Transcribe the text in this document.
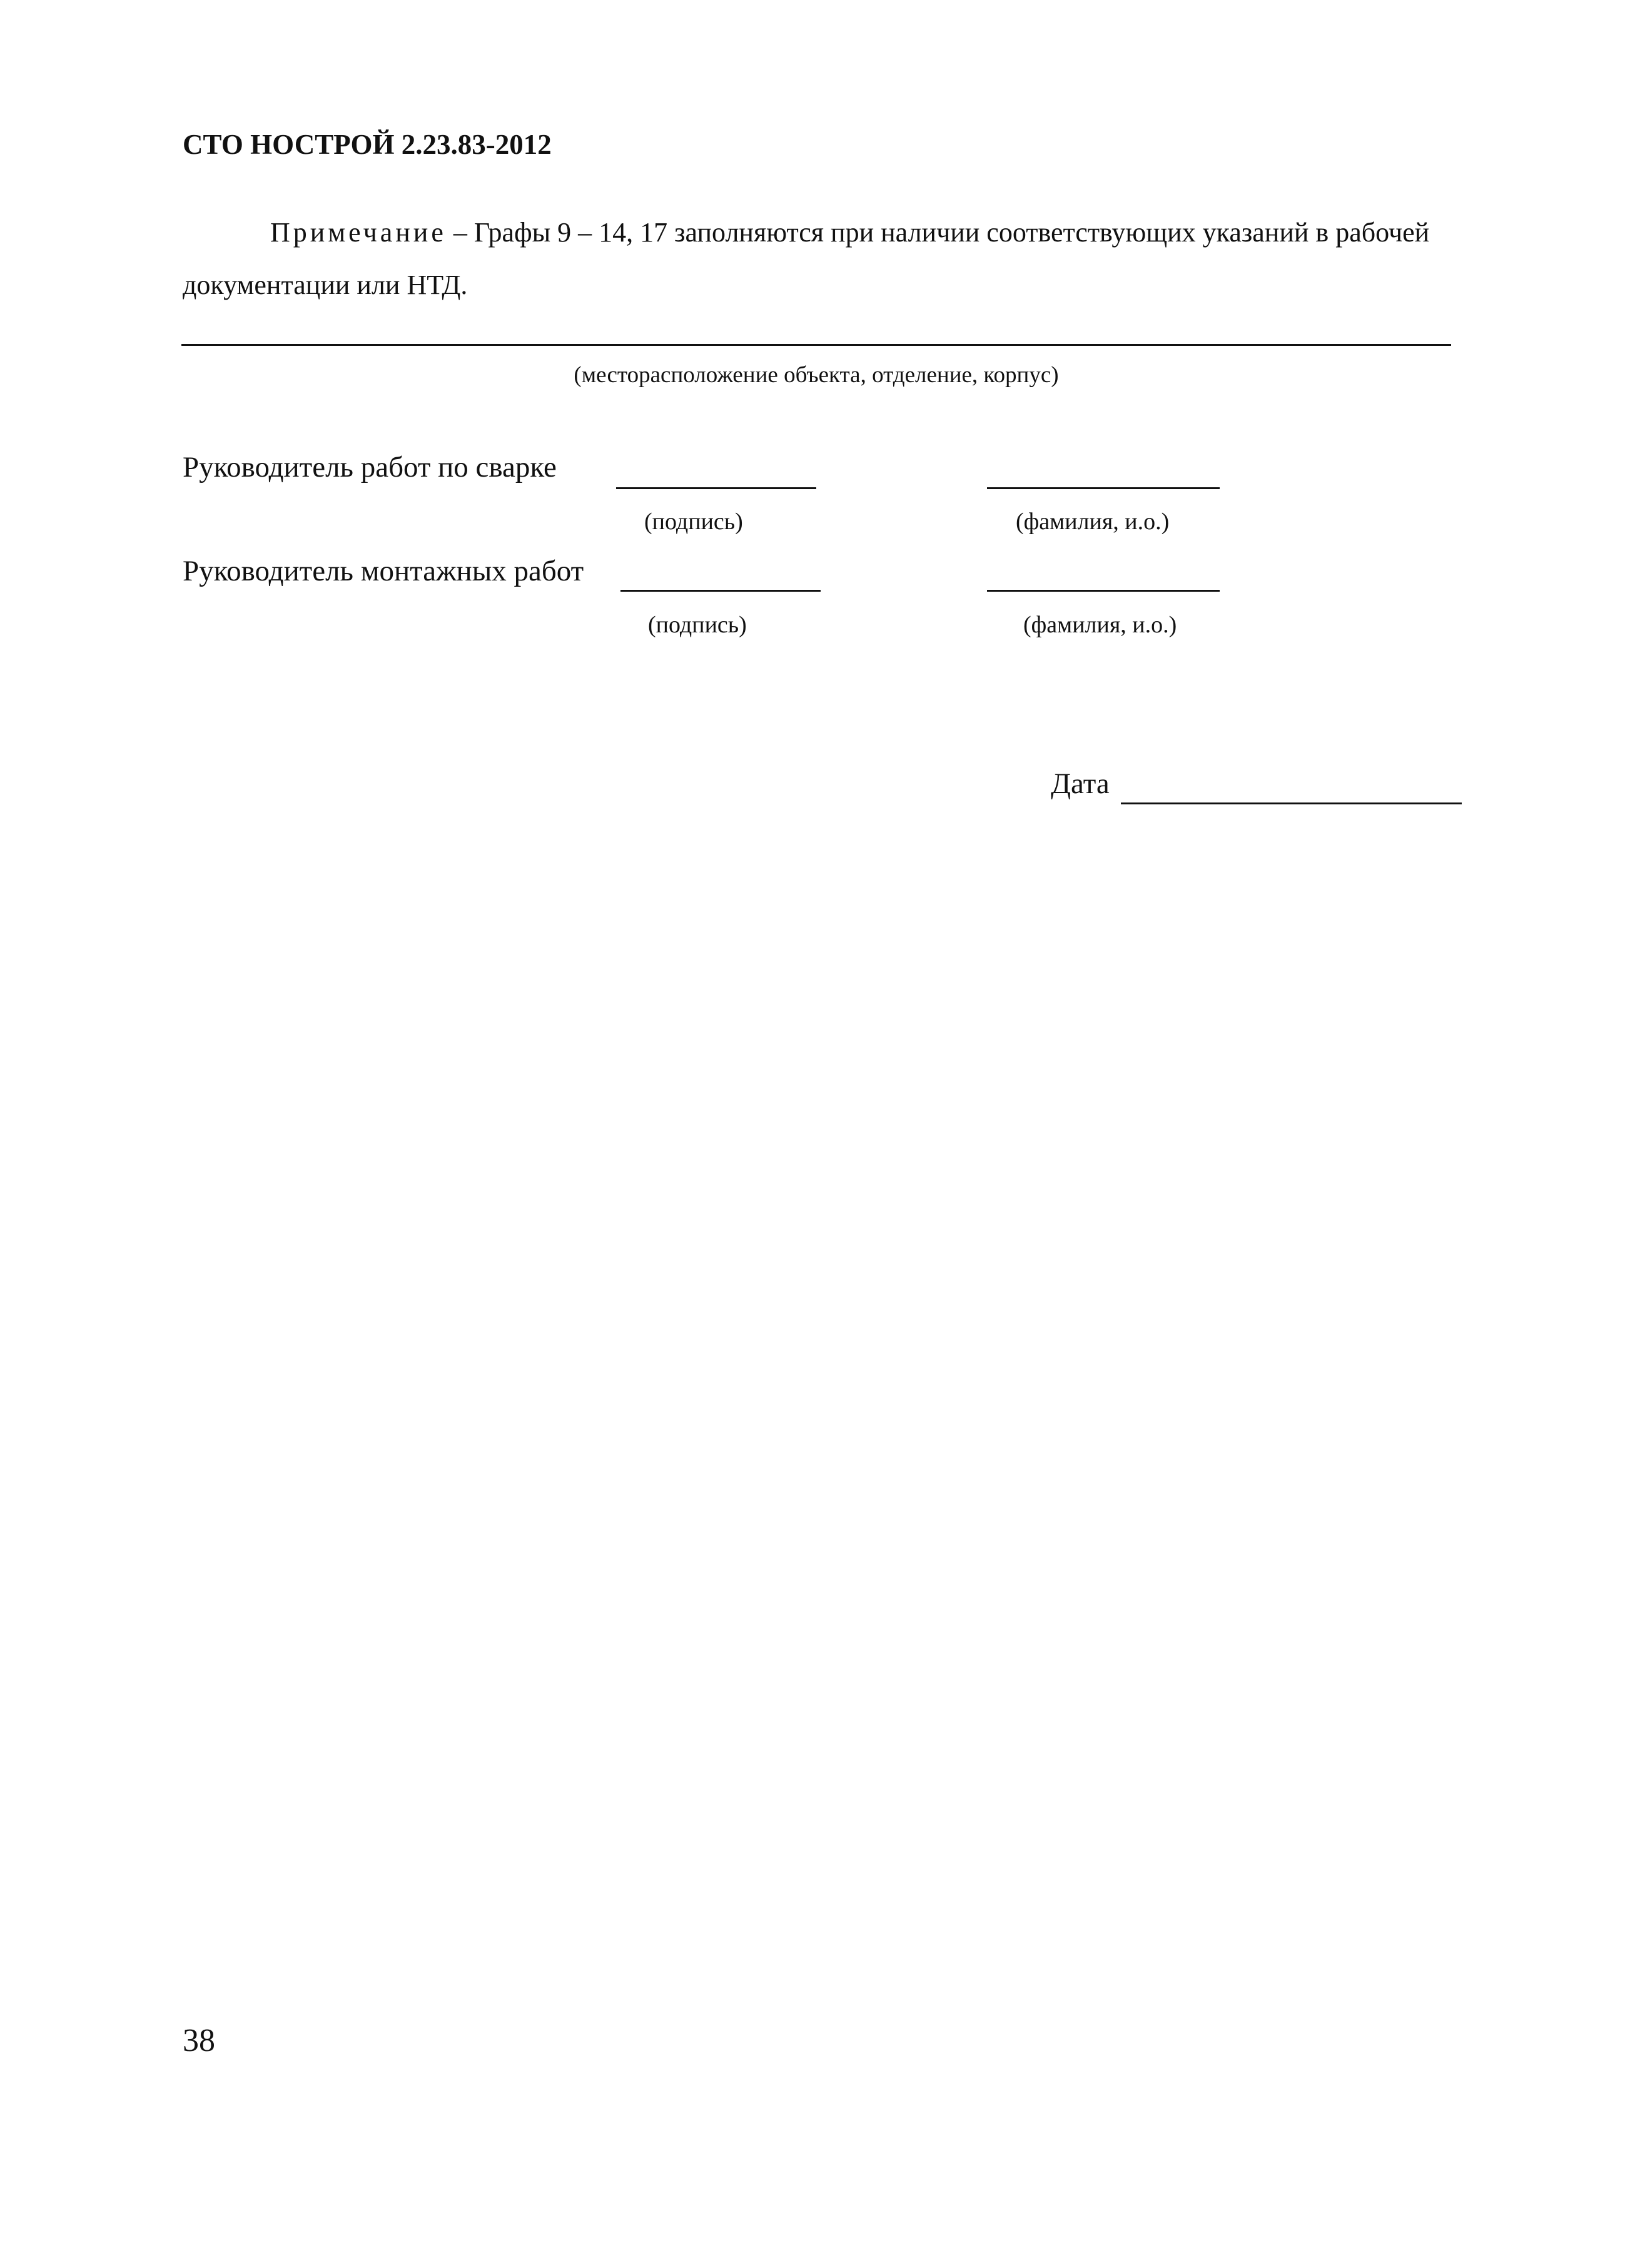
СТО НОСТРОЙ 2.23.83-2012
Примечание – Графы 9 – 14, 17 заполняются при наличии соответствующих указаний в рабочей документации или НТД.
(месторасположение объекта, отделение, корпус)
Руководитель работ по сварке
(подпись)	(фамилия, и.о.)
Руководитель монтажных работ
(подпись)	(фамилия, и.о.)
Дата
38
